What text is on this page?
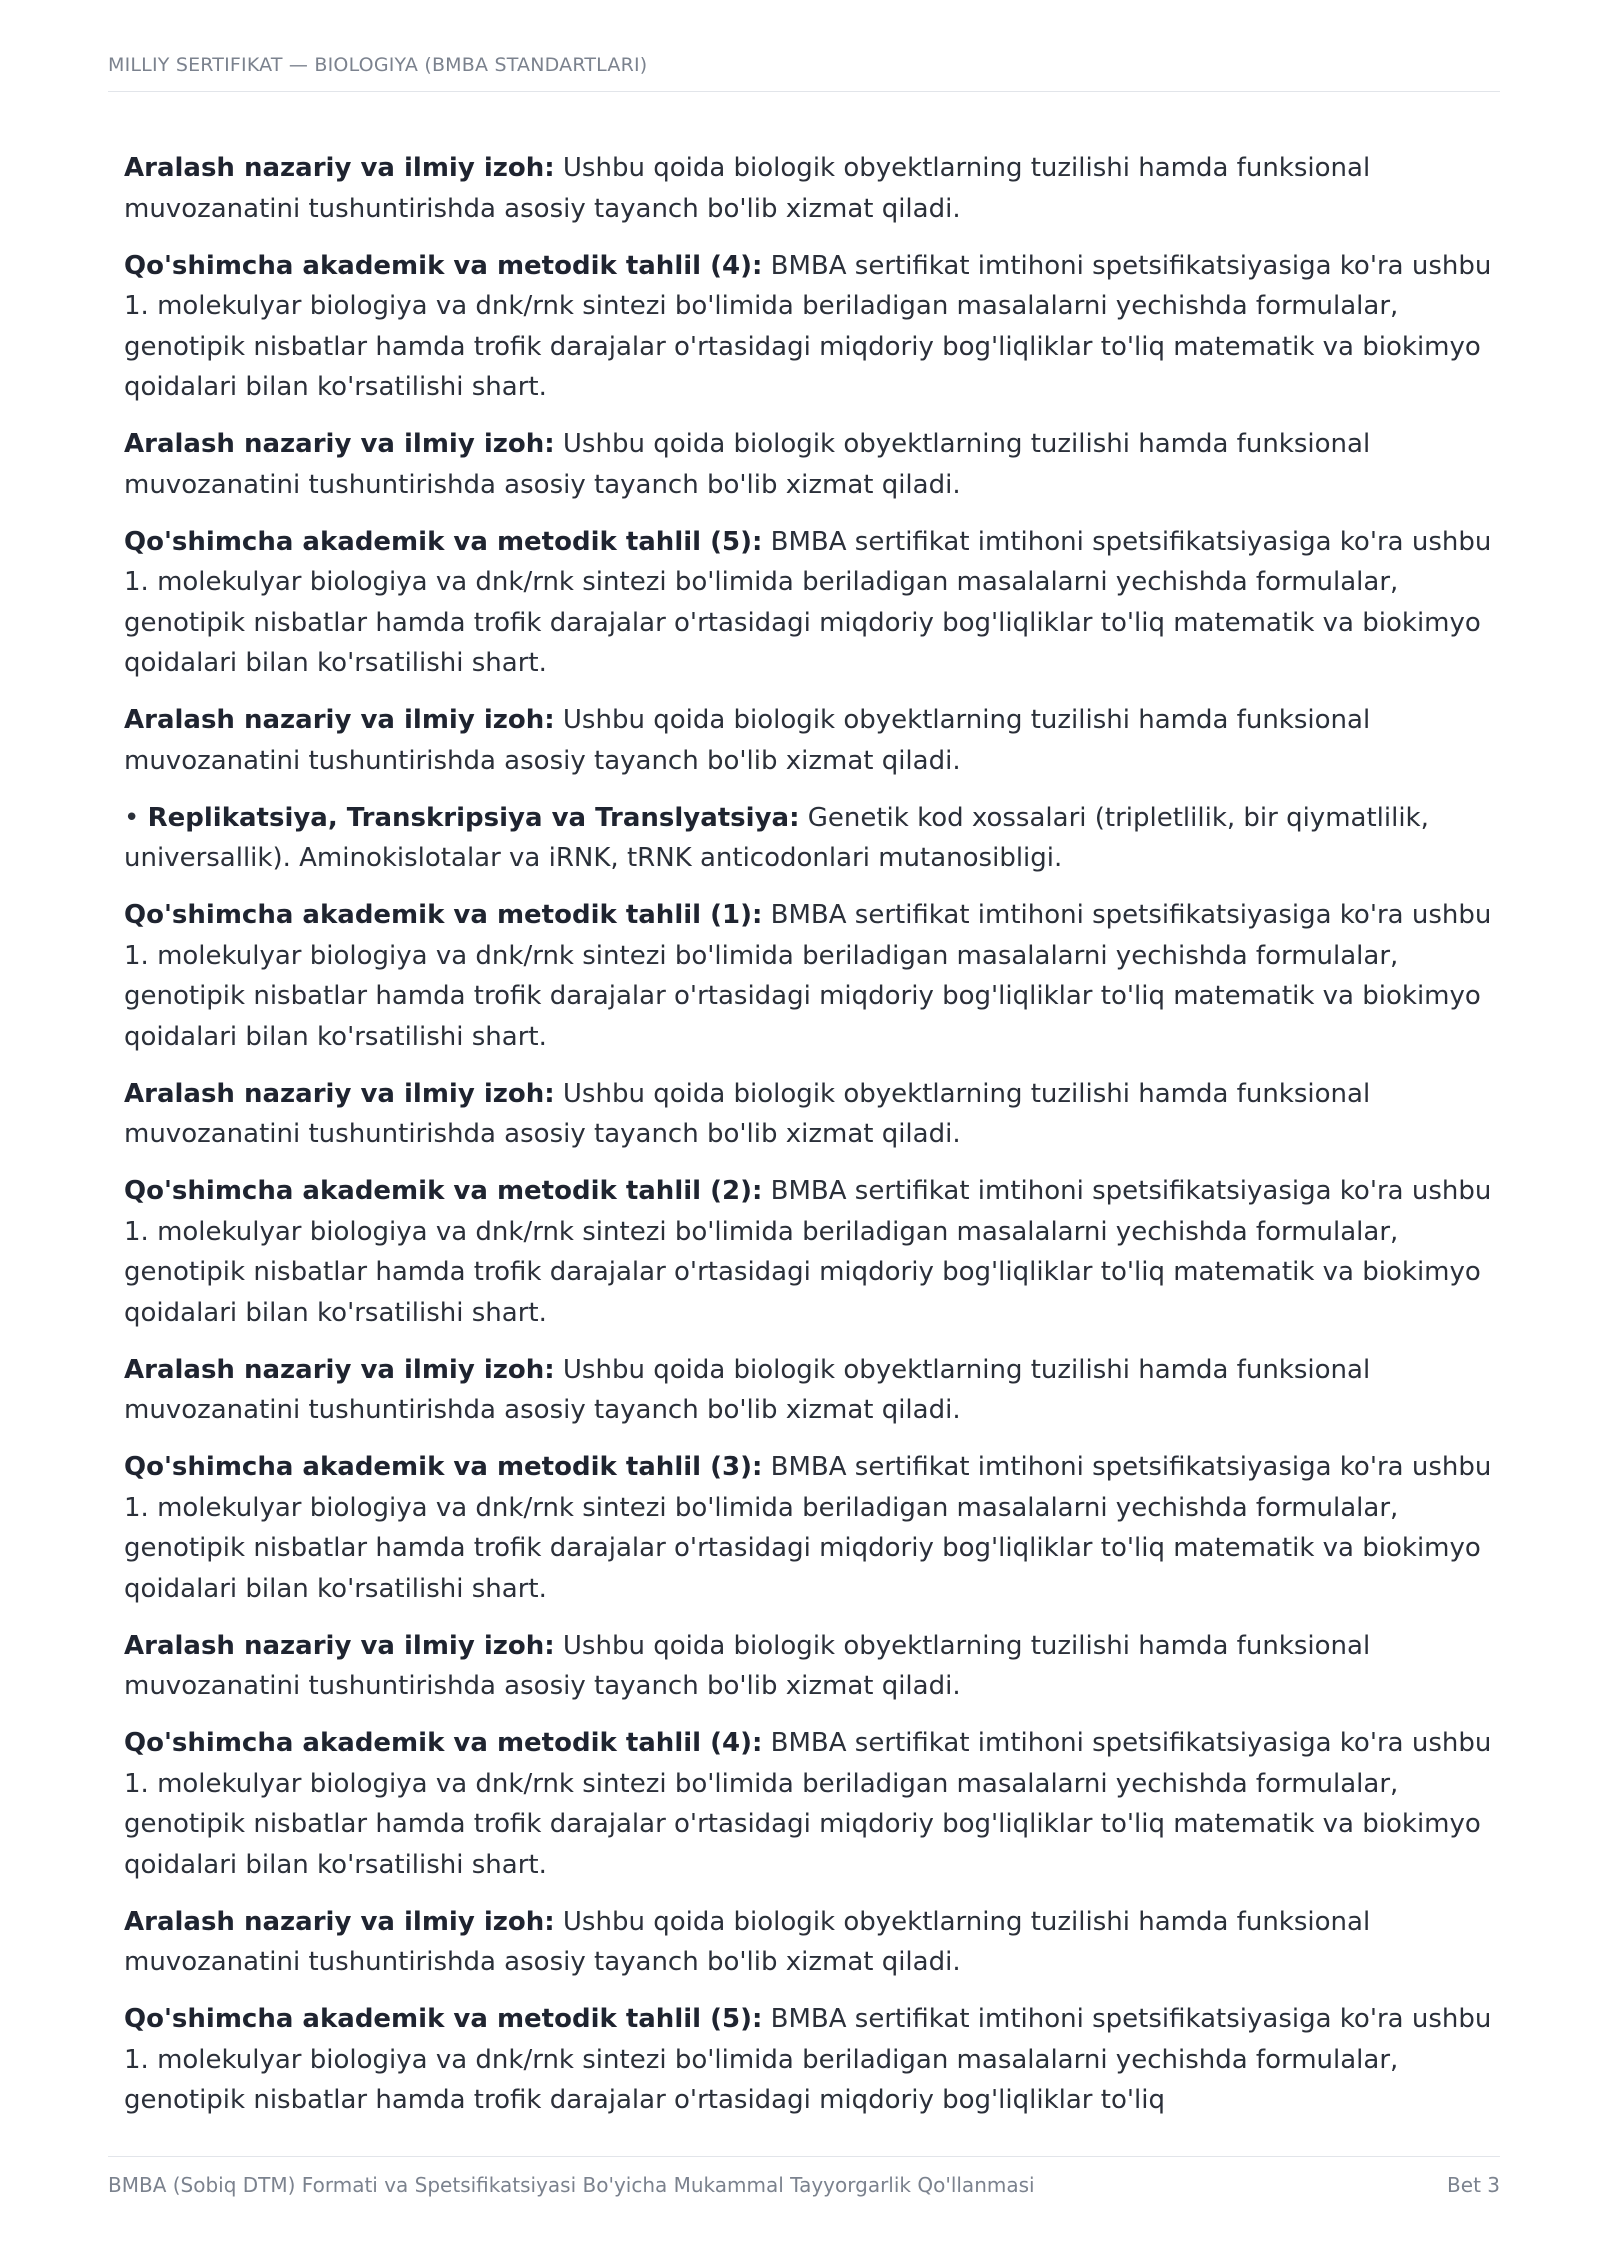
MILLIY SERTIFIKAT — BIOLOGIYA (BMBA STANDARTLARI)

Aralash nazariy va ilmiy izoh: Ushbu qoida biologik obyektlarning tuzilishi hamda funksional muvozanatini tushuntirishda asosiy tayanch bo'lib xizmat qiladi.

Qo'shimcha akademik va metodik tahlil (4): BMBA sertifikat imtihoni spetsifikatsiyasiga ko'ra ushbu 1. molekulyar biologiya va dnk/rnk sintezi bo'limida beriladigan masalalarni yechishda formulalar, genotipik nisbatlar hamda trofik darajalar o'rtasidagi miqdoriy bog'liqliklar to'liq matematik va biokimyo qoidalari bilan ko'rsatilishi shart.

Aralash nazariy va ilmiy izoh: Ushbu qoida biologik obyektlarning tuzilishi hamda funksional muvozanatini tushuntirishda asosiy tayanch bo'lib xizmat qiladi.

Qo'shimcha akademik va metodik tahlil (5): BMBA sertifikat imtihoni spetsifikatsiyasiga ko'ra ushbu 1. molekulyar biologiya va dnk/rnk sintezi bo'limida beriladigan masalalarni yechishda formulalar, genotipik nisbatlar hamda trofik darajalar o'rtasidagi miqdoriy bog'liqliklar to'liq matematik va biokimyo qoidalari bilan ko'rsatilishi shart.

Aralash nazariy va ilmiy izoh: Ushbu qoida biologik obyektlarning tuzilishi hamda funksional muvozanatini tushuntirishda asosiy tayanch bo'lib xizmat qiladi.

• Replikatsiya, Transkripsiya va Translyatsiya: Genetik kod xossalari (tripletlilik, bir qiymatlilik, universallik). Aminokislotalar va iRNK, tRNK anticodonlari mutanosibligi.

Qo'shimcha akademik va metodik tahlil (1): BMBA sertifikat imtihoni spetsifikatsiyasiga ko'ra ushbu 1. molekulyar biologiya va dnk/rnk sintezi bo'limida beriladigan masalalarni yechishda formulalar, genotipik nisbatlar hamda trofik darajalar o'rtasidagi miqdoriy bog'liqliklar to'liq matematik va biokimyo qoidalari bilan ko'rsatilishi shart.

Aralash nazariy va ilmiy izoh: Ushbu qoida biologik obyektlarning tuzilishi hamda funksional muvozanatini tushuntirishda asosiy tayanch bo'lib xizmat qiladi.

Qo'shimcha akademik va metodik tahlil (2): BMBA sertifikat imtihoni spetsifikatsiyasiga ko'ra ushbu 1. molekulyar biologiya va dnk/rnk sintezi bo'limida beriladigan masalalarni yechishda formulalar, genotipik nisbatlar hamda trofik darajalar o'rtasidagi miqdoriy bog'liqliklar to'liq matematik va biokimyo qoidalari bilan ko'rsatilishi shart.

Aralash nazariy va ilmiy izoh: Ushbu qoida biologik obyektlarning tuzilishi hamda funksional muvozanatini tushuntirishda asosiy tayanch bo'lib xizmat qiladi.

Qo'shimcha akademik va metodik tahlil (3): BMBA sertifikat imtihoni spetsifikatsiyasiga ko'ra ushbu 1. molekulyar biologiya va dnk/rnk sintezi bo'limida beriladigan masalalarni yechishda formulalar, genotipik nisbatlar hamda trofik darajalar o'rtasidagi miqdoriy bog'liqliklar to'liq matematik va biokimyo qoidalari bilan ko'rsatilishi shart.

Aralash nazariy va ilmiy izoh: Ushbu qoida biologik obyektlarning tuzilishi hamda funksional muvozanatini tushuntirishda asosiy tayanch bo'lib xizmat qiladi.

Qo'shimcha akademik va metodik tahlil (4): BMBA sertifikat imtihoni spetsifikatsiyasiga ko'ra ushbu 1. molekulyar biologiya va dnk/rnk sintezi bo'limida beriladigan masalalarni yechishda formulalar, genotipik nisbatlar hamda trofik darajalar o'rtasidagi miqdoriy bog'liqliklar to'liq matematik va biokimyo qoidalari bilan ko'rsatilishi shart.

Aralash nazariy va ilmiy izoh: Ushbu qoida biologik obyektlarning tuzilishi hamda funksional muvozanatini tushuntirishda asosiy tayanch bo'lib xizmat qiladi.

Qo'shimcha akademik va metodik tahlil (5): BMBA sertifikat imtihoni spetsifikatsiyasiga ko'ra ushbu 1. molekulyar biologiya va dnk/rnk sintezi bo'limida beriladigan masalalarni yechishda formulalar, genotipik nisbatlar hamda trofik darajalar o'rtasidagi miqdoriy bog'liqliklar to'liq

BMBA (Sobiq DTM) Formati va Spetsifikatsiyasi Bo'yicha Mukammal Tayyorgarlik Qo'llanmasi	Bet 3
